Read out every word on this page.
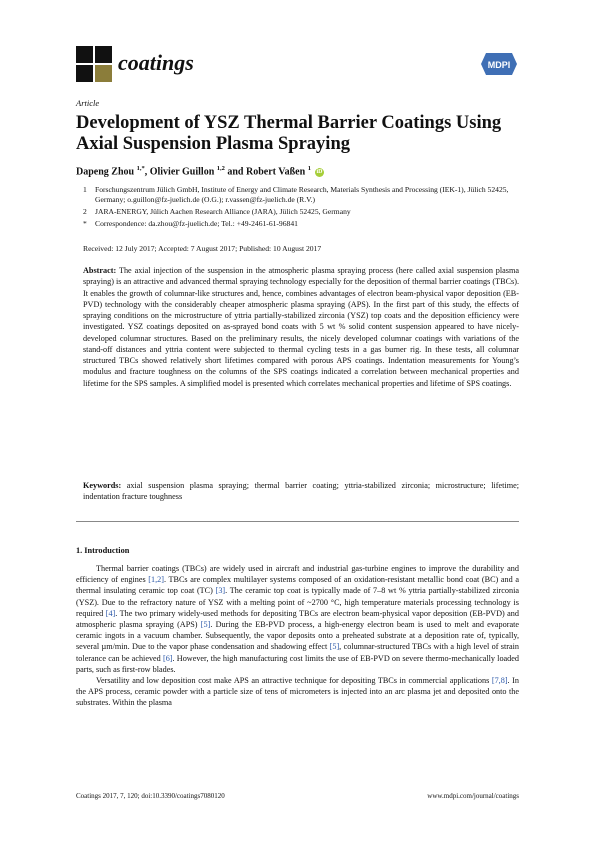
coatings	MDPI
Article
Development of YSZ Thermal Barrier Coatings Using Axial Suspension Plasma Spraying
Dapeng Zhou $^{1,*}$, Olivier Guillon $^{1,2}$ and Robert Vaßen $^1$iD
1 Forschungszentrum Jülich GmbH, Institute of Energy and Climate Research, Materials Synthesis and Processing (IEK-1), Jülich 52425, Germany; o.guillon@fz-juelich.de (O.G.); r.vassen@fz-juelich.de (R.V.)
2 JARA-ENERGY, Jülich Aachen Research Alliance (JARA), Jülich 52425, Germany
* Correspondence: da.zhou@fz-juelich.de; Tel.: +49-2461-61-96841
Received: 12 July 2017; Accepted: 7 August 2017; Published: 10 August 2017
Abstract: The axial injection of the suspension in the atmospheric plasma spraying process (here called axial suspension plasma spraying) is an attractive and advanced thermal spraying technology especially for the deposition of thermal barrier coatings (TBCs). It enables the growth of columnar-like structures and, hence, combines advantages of electron beam-physical vapor deposition (EB-PVD) technology with the considerably cheaper atmospheric plasma spraying (APS). In the first part of this study, the effects of spraying conditions on the microstructure of yttria partially-stabilized zirconia (YSZ) top coats and the deposition efficiency were investigated. YSZ coatings deposited on as-sprayed bond coats with 5 wt % solid content suspension appeared to have nicely-developed columnar structures. Based on the preliminary results, the nicely developed columnar coatings with variations of the stand-off distances and yttria content were subjected to thermal cycling tests in a gas burner rig. In these tests, all columnar structured TBCs showed relatively short lifetimes compared with porous APS coatings. Indentation measurements for Young’s modulus and fracture toughness on the columns of the SPS coatings indicated a correlation between mechanical properties and lifetime for the SPS samples. A simplified model is presented which correlates mechanical properties and lifetime of SPS coatings.
Keywords: axial suspension plasma spraying; thermal barrier coating; yttria-stabilized zirconia; microstructure; lifetime; indentation fracture toughness
1. Introduction

Thermal barrier coatings (TBCs) are widely used in aircraft and industrial gas-turbine engines to improve the durability and efficiency of engines [1,2]. TBCs are complex multilayer systems composed of an oxidation-resistant metallic bond coat (BC) and a thermal insulating ceramic top coat (TC) [3]. The ceramic top coat is typically made of 7–8 wt % yttria partially-stabilized zirconia (YSZ). Due to the refractory nature of YSZ with a melting point of ~2700 °C, high temperature materials processing technology is required [4]. The two primary widely-used methods for depositing TBCs are electron beam-physical vapor deposition (EB-PVD) and atmospheric plasma spraying (APS) [5]. During the EB-PVD process, a high-energy electron beam is used to melt and evaporate ceramic ingots in a vacuum chamber. Subsequently, the vapor deposits onto a preheated substrate at a deposition rate of, typically, several µm/min. Due to the vapor phase condensation and shadowing effect [5], columnar-structured TBCs with a high level of strain tolerance can be achieved [6]. However, the high manufacturing cost limits the use of EB-PVD on severe thermo-mechanically loaded parts, such as first-row blades.

Versatility and low deposition cost make APS an attractive technique for depositing TBCs in commercial applications [7,8]. In the APS process, ceramic powder with a particle size of tens of micrometers is injected into an arc plasma jet and deposited onto the substrates. Within the plasma

Coatings 2017, 7, 120; doi:10.3390/coatings7080120	www.mdpi.com/journal/coatings
